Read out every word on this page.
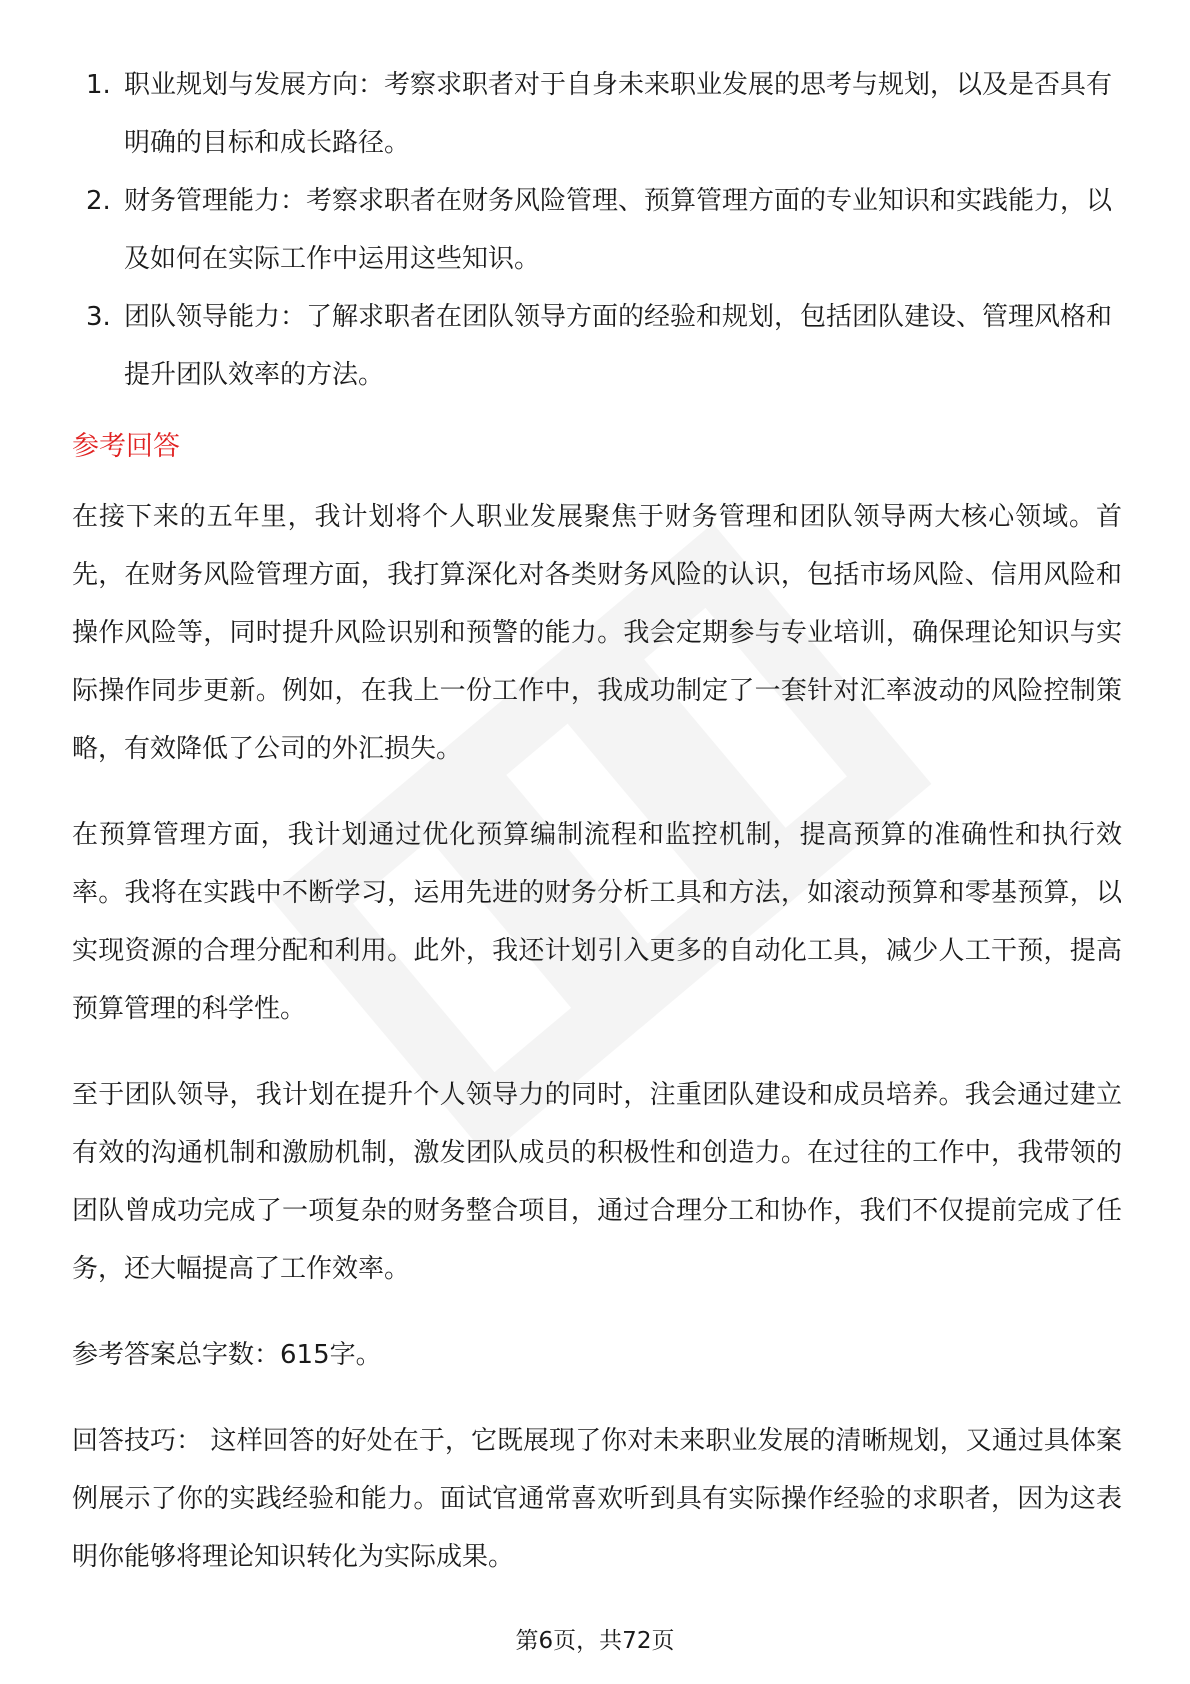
1. 职业规划与发展方向：考察求职者对于自身未来职业发展的思考与规划，以及是否具有明确的目标和成长路径。
2. 财务管理能力：考察求职者在财务风险管理、预算管理方面的专业知识和实践能力，以及如何在实际工作中运用这些知识。
3. 团队领导能力：了解求职者在团队领导方面的经验和规划，包括团队建设、管理风格和提升团队效率的方法。
参考回答

在接下来的五年里，我计划将个人职业发展聚焦于财务管理和团队领导两大核心领域。首先，在财务风险管理方面，我打算深化对各类财务风险的认识，包括市场风险、信用风险和操作风险等，同时提升风险识别和预警的能力。我会定期参与专业培训，确保理论知识与实际操作同步更新。例如，在我上一份工作中，我成功制定了一套针对汇率波动的风险控制策略，有效降低了公司的外汇损失。

在预算管理方面，我计划通过优化预算编制流程和监控机制，提高预算的准确性和执行效率。我将在实践中不断学习，运用先进的财务分析工具和方法，如滚动预算和零基预算，以实现资源的合理分配和利用。此外，我还计划引入更多的自动化工具，减少人工干预，提高预算管理的科学性。

至于团队领导，我计划在提升个人领导力的同时，注重团队建设和成员培养。我会通过建立有效的沟通机制和激励机制，激发团队成员的积极性和创造力。在过往的工作中，我带领的团队曾成功完成了一项复杂的财务整合项目，通过合理分工和协作，我们不仅提前完成了任务，还大幅提高了工作效率。

参考答案总字数：615字。

回答技巧： 这样回答的好处在于，它既展现了你对未来职业发展的清晰规划，又通过具体案例展示了你的实践经验和能力。面试官通常喜欢听到具有实际操作经验的求职者，因为这表明你能够将理论知识转化为实际成果。

第6页，共72页
